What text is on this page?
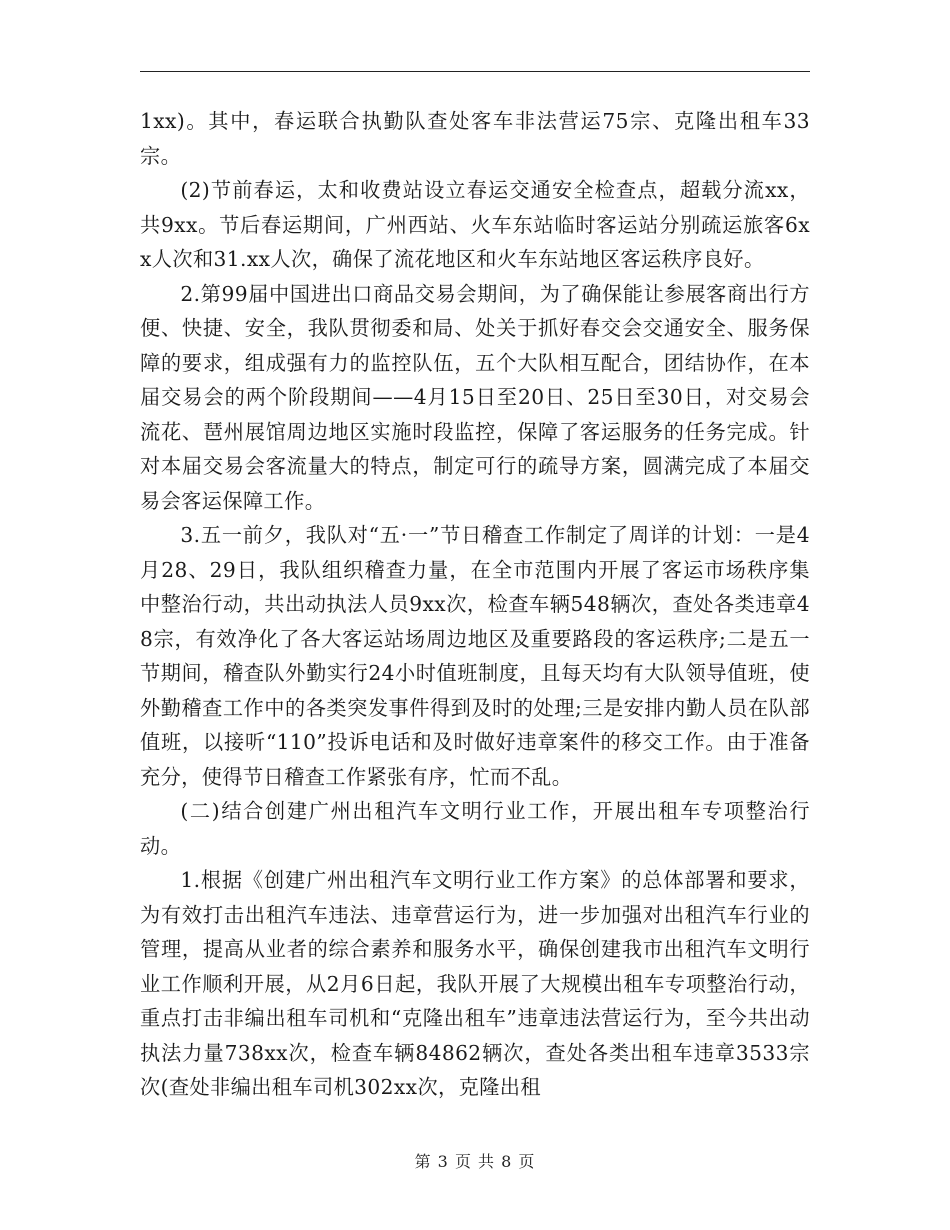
1xx)。其中，春运联合执勤队查处客车非法营运75宗、克隆出租车33宗。

(2)节前春运，太和收费站设立春运交通安全检查点，超载分流xx，共9xx。节后春运期间，广州西站、火车东站临时客运站分别疏运旅客6xx人次和31.xx人次，确保了流花地区和火车东站地区客运秩序良好。

2.第99届中国进出口商品交易会期间，为了确保能让参展客商出行方便、快捷、安全，我队贯彻委和局、处关于抓好春交会交通安全、服务保障的要求，组成强有力的监控队伍，五个大队相互配合，团结协作，在本届交易会的两个阶段期间——4月15日至20日、25日至30日，对交易会流花、琶州展馆周边地区实施时段监控，保障了客运服务的任务完成。针对本届交易会客流量大的特点，制定可行的疏导方案，圆满完成了本届交易会客运保障工作。

3.五一前夕，我队对“五·一”节日稽查工作制定了周详的计划：一是4月28、29日，我队组织稽查力量，在全市范围内开展了客运市场秩序集中整治行动，共出动执法人员9xx次，检查车辆548辆次，查处各类违章48宗，有效净化了各大客运站场周边地区及重要路段的客运秩序;二是五一节期间，稽查队外勤实行24小时值班制度，且每天均有大队领导值班，使外勤稽查工作中的各类突发事件得到及时的处理;三是安排内勤人员在队部值班，以接听“110”投诉电话和及时做好违章案件的移交工作。由于准备充分，使得节日稽查工作紧张有序，忙而不乱。

(二)结合创建广州出租汽车文明行业工作，开展出租车专项整治行动。

1.根据《创建广州出租汽车文明行业工作方案》的总体部署和要求，为有效打击出租汽车违法、违章营运行为，进一步加强对出租汽车行业的管理，提高从业者的综合素养和服务水平，确保创建我市出租汽车文明行业工作顺利开展，从2月6日起，我队开展了大规模出租车专项整治行动，重点打击非编出租车司机和“克隆出租车”违章违法营运行为，至今共出动执法力量738xx次，检查车辆84862辆次，查处各类出租车违章3533宗次(查处非编出租车司机302xx次，克隆出租

第 3 页 共 8 页
